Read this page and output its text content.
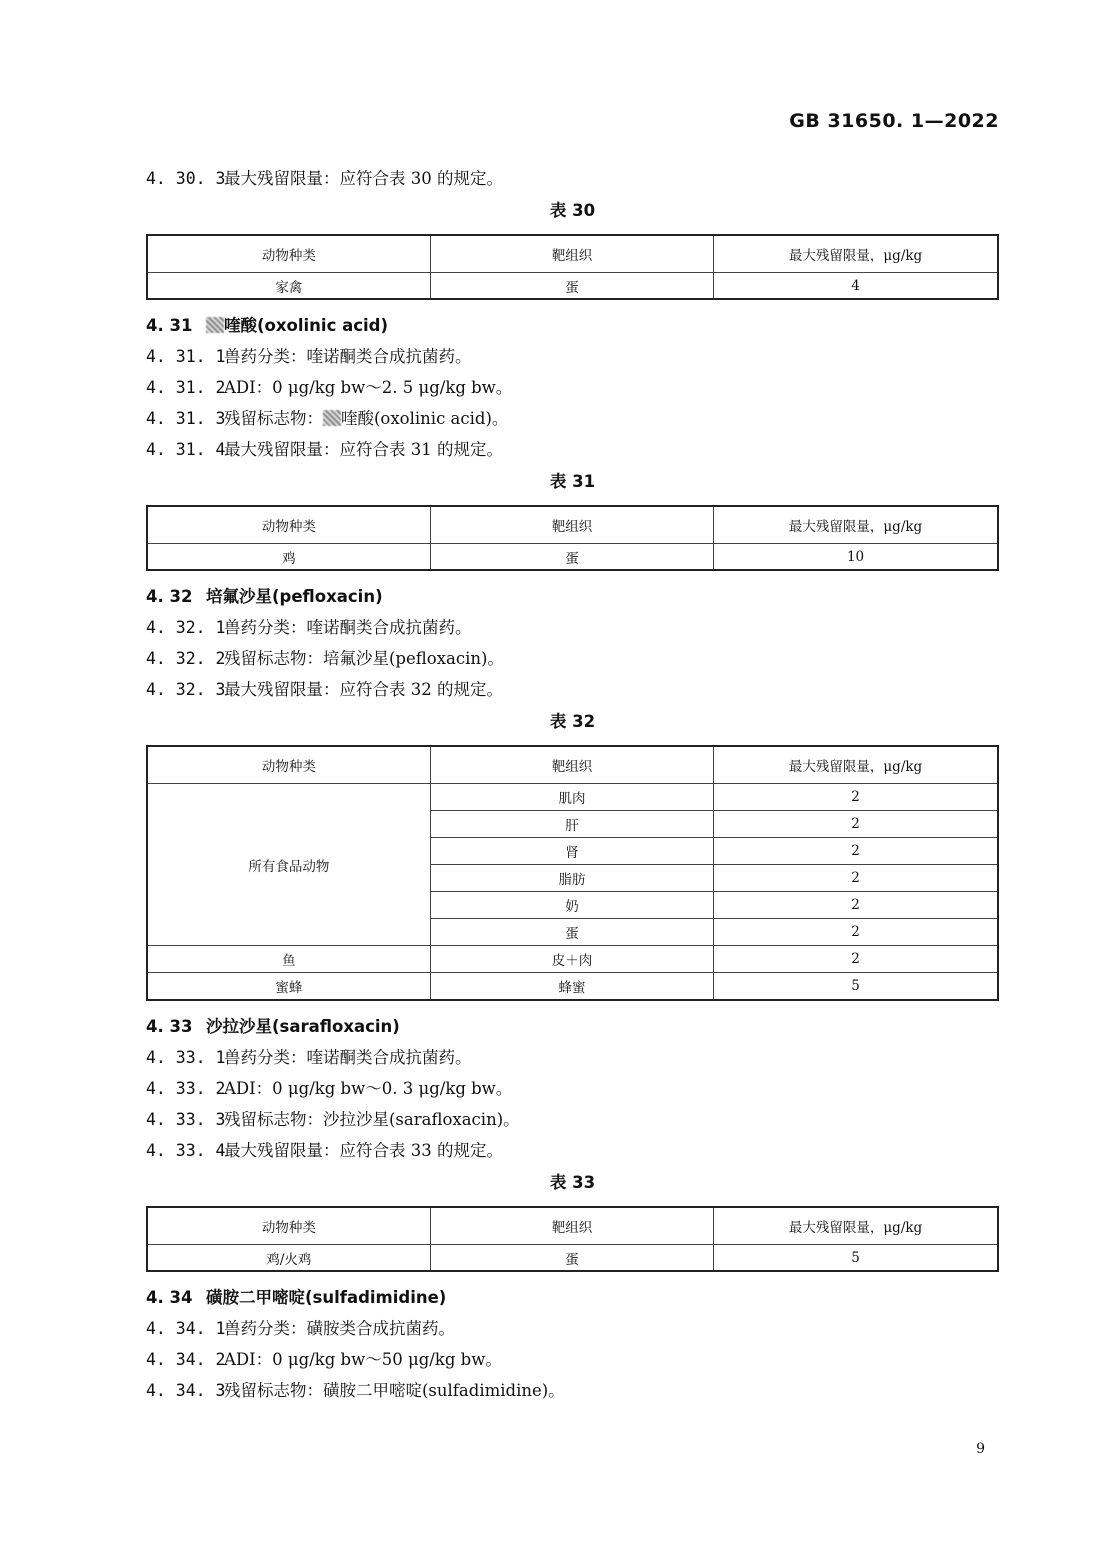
GB 31650. 1—2022
4. 30. 3最大残留限量：应符合表 30 的规定。
表 30
动物种类	靶组织	最大残留限量，μg/kg
家禽	蛋	4
4. 31 喹酸(oxolinic acid)
4. 31. 1兽药分类：喹诺酮类合成抗菌药。
4. 31. 2ADI：0 μg/kg bw～2. 5 μg/kg bw。
4. 31. 3残留标志物： 喹酸(oxolinic acid)。
4. 31. 4最大残留限量：应符合表 31 的规定。
表 31
动物种类	靶组织	最大残留限量，μg/kg
鸡	蛋	10
4. 32 培氟沙星(pefloxacin)
4. 32. 1兽药分类：喹诺酮类合成抗菌药。
4. 32. 2残留标志物：培氟沙星(pefloxacin)。
4. 32. 3最大残留限量：应符合表 32 的规定。
表 32
动物种类	靶组织	最大残留限量，μg/kg
所有食品动物	肌肉	2
	肝	2
	肾	2
	脂肪	2
	奶	2
	蛋	2
鱼	皮＋肉	2
蜜蜂	蜂蜜	5
4. 33 沙拉沙星(sarafloxacin)
4. 33. 1兽药分类：喹诺酮类合成抗菌药。
4. 33. 2ADI：0 μg/kg bw～0. 3 μg/kg bw。
4. 33. 3残留标志物：沙拉沙星(sarafloxacin)。
4. 33. 4最大残留限量：应符合表 33 的规定。
表 33
动物种类	靶组织	最大残留限量，μg/kg
鸡/火鸡	蛋	5
4. 34 磺胺二甲嘧啶(sulfadimidine)
4. 34. 1兽药分类：磺胺类合成抗菌药。
4. 34. 2ADI：0 μg/kg bw～50 μg/kg bw。
4. 34. 3残留标志物：磺胺二甲嘧啶(sulfadimidine)。
9
